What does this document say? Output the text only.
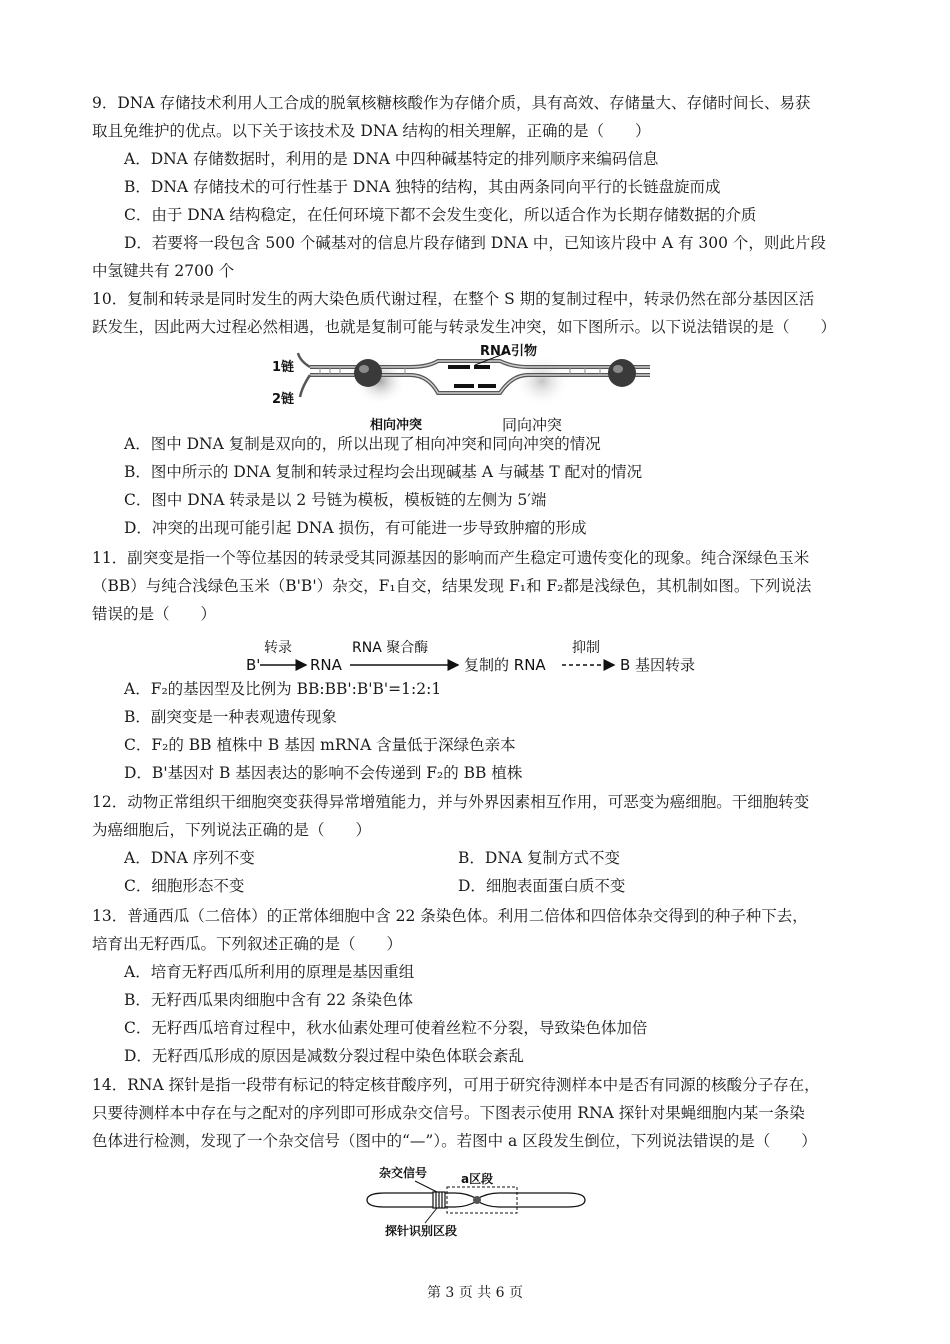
9．DNA 存储技术利用人工合成的脱氧核糖核酸作为存储介质，具有高效、存储量大、存储时间长、易获
取且免维护的优点。以下关于该技术及 DNA 结构的相关理解，正确的是（　　）
A．DNA 存储数据时，利用的是 DNA 中四种碱基特定的排列顺序来编码信息
B．DNA 存储技术的可行性基于 DNA 独特的结构，其由两条同向平行的长链盘旋而成
C．由于 DNA 结构稳定，在任何环境下都不会发生变化，所以适合作为长期存储数据的介质
D．若要将一段包含 500 个碱基对的信息片段存储到 DNA 中，已知该片段中 A 有 300 个，则此片段
中氢键共有 2700 个
10．复制和转录是同时发生的两大染色质代谢过程，在整个 S 期的复制过程中，转录仍然在部分基因区活
跃发生，因此两大过程必然相遇，也就是复制可能与转录发生冲突，如下图所示。以下说法错误的是（　　）
1链
2链
RNA引物
相向冲突	同向冲突
A．图中 DNA 复制是双向的，所以出现了相向冲突和同向冲突的情况
B．图中所示的 DNA 复制和转录过程均会出现碱基 A 与碱基 T 配对的情况
C．图中 DNA 转录是以 2 号链为模板，模板链的左侧为 5′端
D．冲突的出现可能引起 DNA 损伤，有可能进一步导致肿瘤的形成
11．副突变是指一个等位基因的转录受其同源基因的影响而产生稳定可遗传变化的现象。纯合深绿色玉米
（BB）与纯合浅绿色玉米（B'B'）杂交，F₁自交，结果发现 F₁和 F₂都是浅绿色，其机制如图。下列说法
错误的是（　　）
B'
转录
RNA
RNA 聚合酶
复制的 RNA
抑制
B 基因转录
A．F₂的基因型及比例为 BB:BB':B'B'=1:2:1
B．副突变是一种表观遗传现象
C．F₂的 BB 植株中 B 基因 mRNA 含量低于深绿色亲本
D．B'基因对 B 基因表达的影响不会传递到 F₂的 BB 植株
12．动物正常组织干细胞突变获得异常增殖能力，并与外界因素相互作用，可恶变为癌细胞。干细胞转变
为癌细胞后，下列说法正确的是（　　）
A．DNA 序列不变	B．DNA 复制方式不变
C．细胞形态不变	D．细胞表面蛋白质不变
13．普通西瓜（二倍体）的正常体细胞中含 22 条染色体。利用二倍体和四倍体杂交得到的种子种下去，
培育出无籽西瓜。下列叙述正确的是（　　）
A．培育无籽西瓜所利用的原理是基因重组
B．无籽西瓜果肉细胞中含有 22 条染色体
C．无籽西瓜培育过程中，秋水仙素处理可使着丝粒不分裂，导致染色体加倍
D．无籽西瓜形成的原因是减数分裂过程中染色体联会紊乱
14．RNA 探针是指一段带有标记的特定核苷酸序列，可用于研究待测样本中是否有同源的核酸分子存在，
只要待测样本中存在与之配对的序列即可形成杂交信号。下图表示使用 RNA 探针对果蝇细胞内某一条染
色体进行检测，发现了一个杂交信号（图中的“—”）。若图中 a 区段发生倒位，下列说法错误的是（　　）
杂交信号	a区段
探针识别区段
第 3 页 共 6 页
